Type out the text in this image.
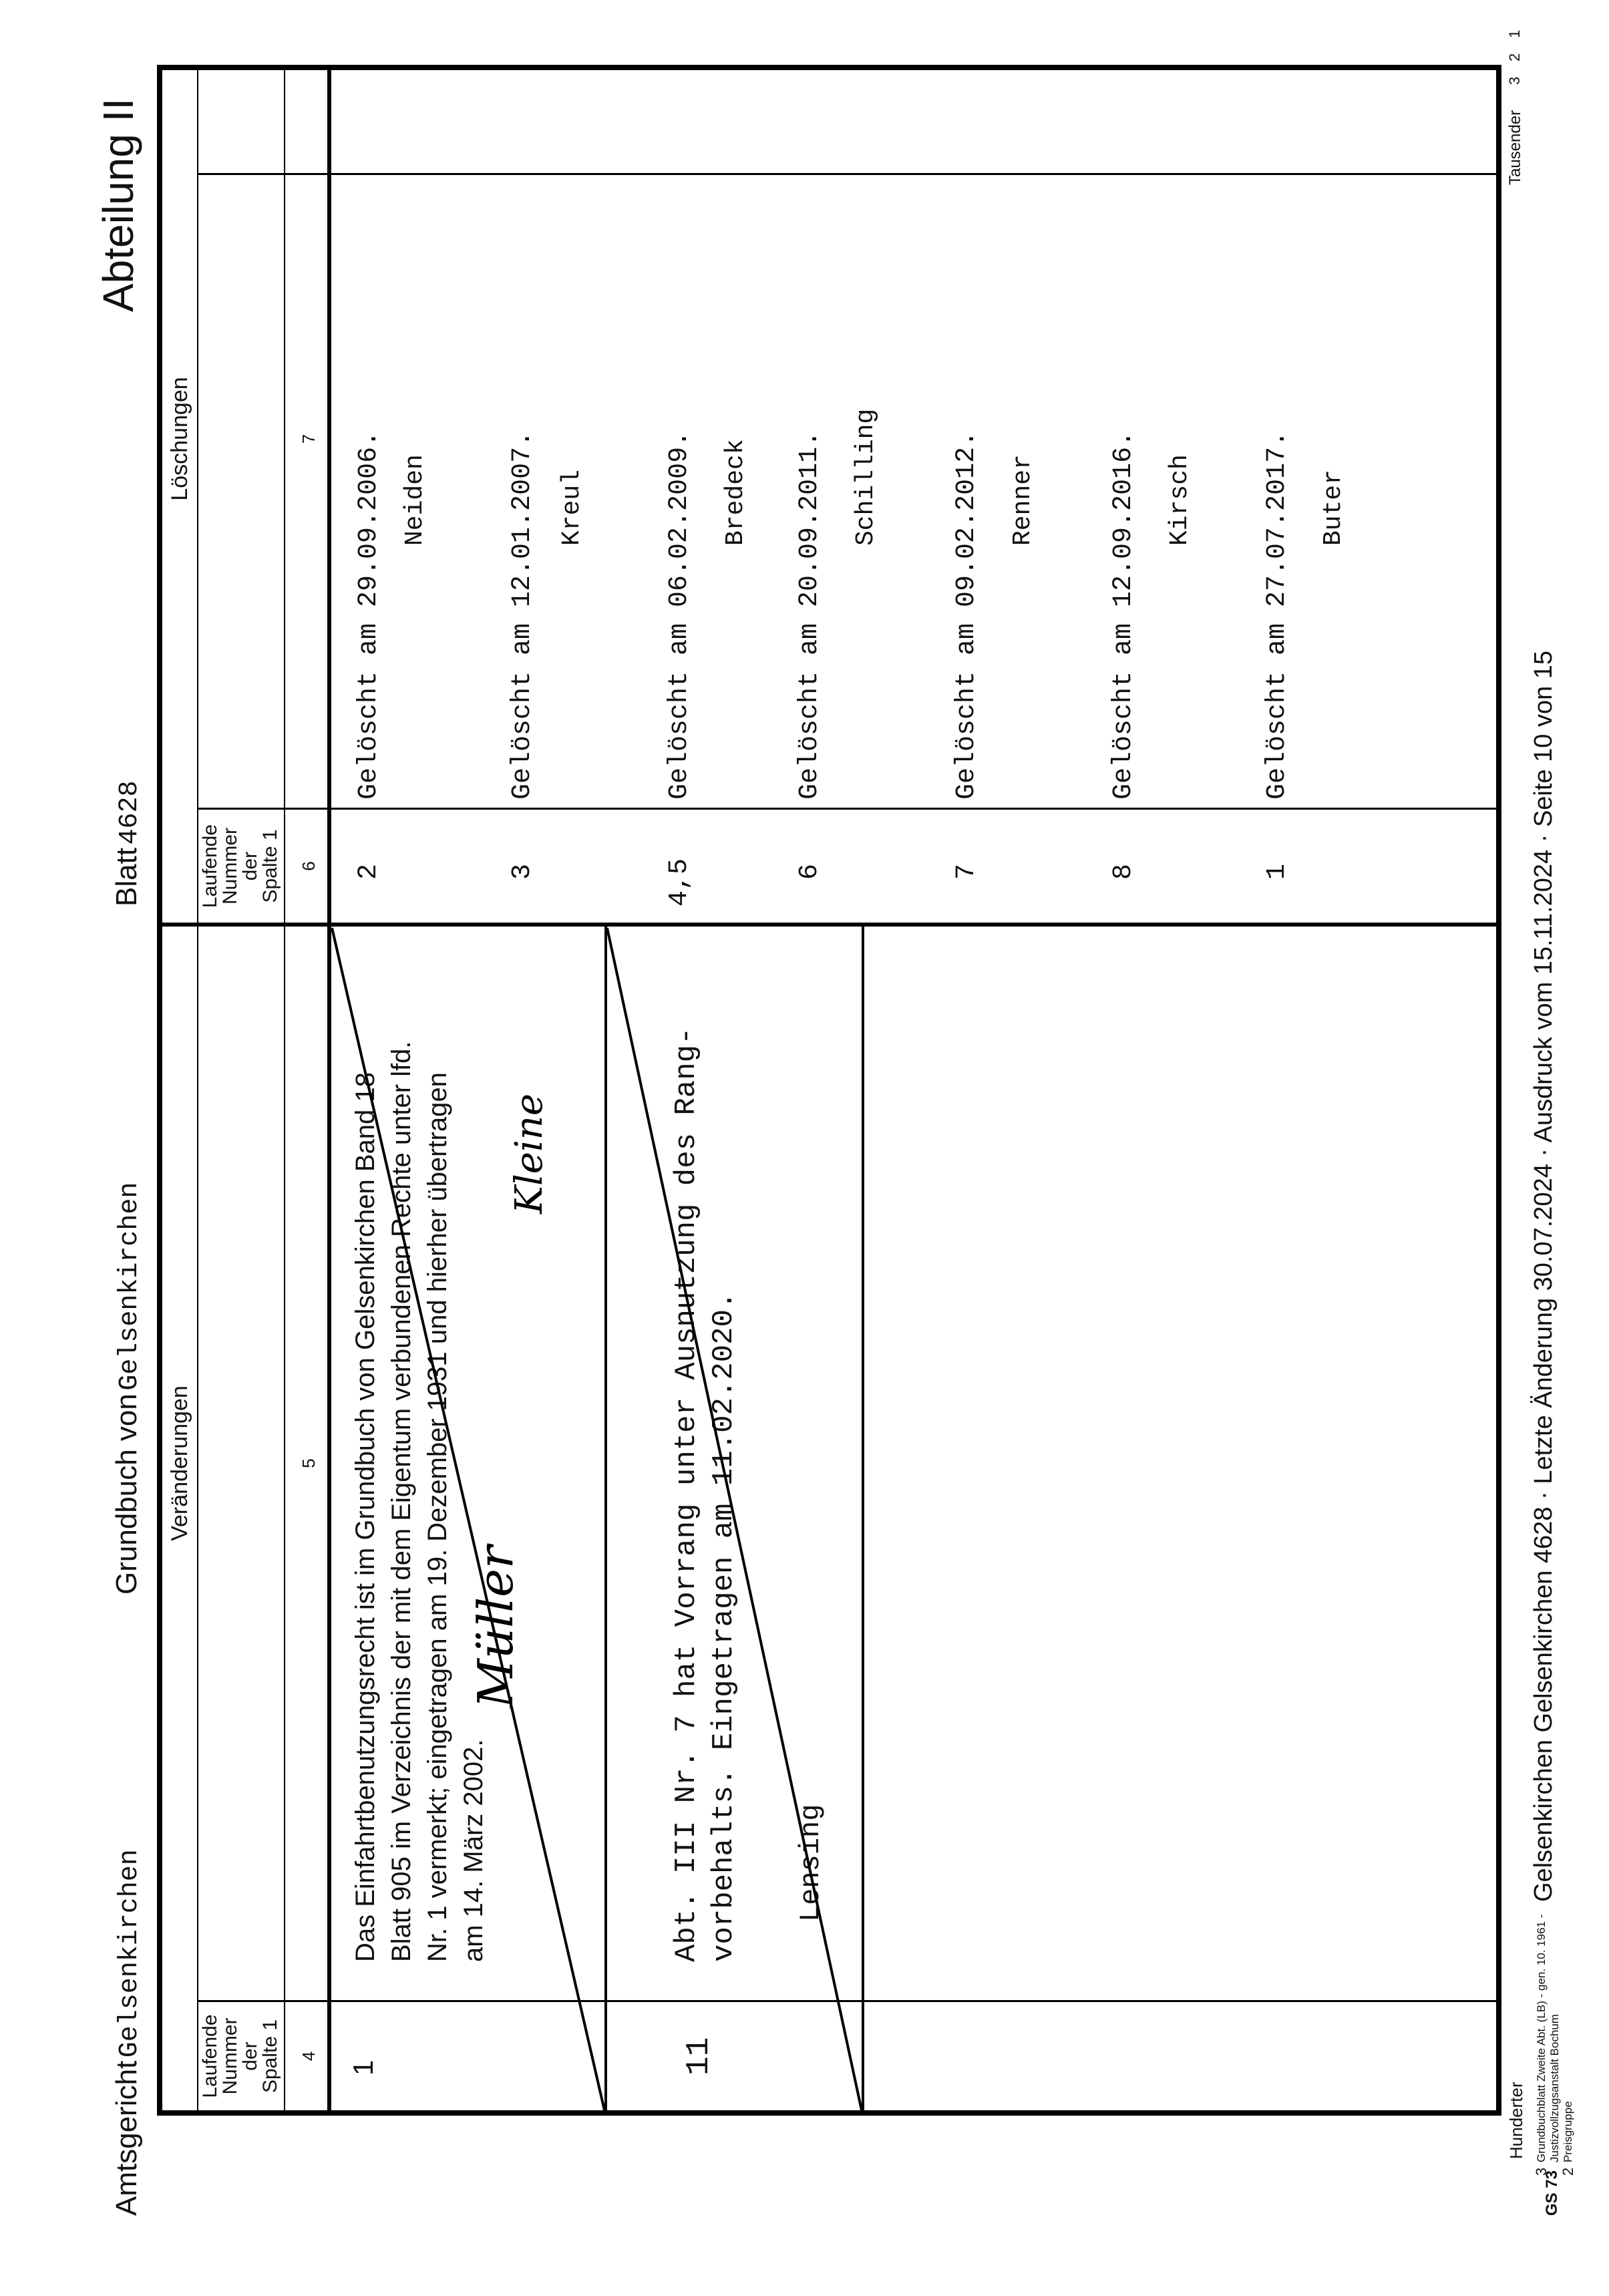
Amtsgericht Gelsenkirchen
Grundbuch von Gelsenkirchen
Blatt 4628
Abteilung II
Laufende
Nummer
der
Spalte 1 4
Veränderungen	5
Laufende
Nummer
der
Spalte 1 6
Löschungen	7
1
Das Einfahrtbenutzungsrecht ist im Grundbuch von Gelsenkirchen Band 18 Blatt 905 im Verzeichnis der mit dem Eigentum verbundenen Rechte unter lfd. Nr. 1 vermerkt; eingetragen am 19. Dezember 1931 und hierher übertragen am 14. März 2002.
Müller
Kleine
11
Abt. III Nr. 7 hat Vorrang unter Ausnutzung des Rang- vorbehalts. Eingetragen am 11.02.2020. Lensing
2
Gelöscht am 29.09.2006. Neiden
3
Gelöscht am 12.01.2007. Kreul
4,5
Gelöscht am 06.02.2009. Bredeck
6
Gelöscht am 20.09.2011. Schilling
7
Gelöscht am 09.02.2012. Renner
8
Gelöscht am 12.09.2016. Kirsch
1
Gelöscht am 27.07.2017. Buter
Hunderter
GS 73
Grundbuchblatt Zweite Abt. (LB) - gen. 10. 1961 - Justizvollzugsanstalt Bochum Preisgruppe
Gelsenkirchen Gelsenkirchen 4628 · Letzte Änderung 30.07.2024 · Ausdruck vom 15.11.2024 · Seite 10 von 15
Tausender
3 2
3
2
1
